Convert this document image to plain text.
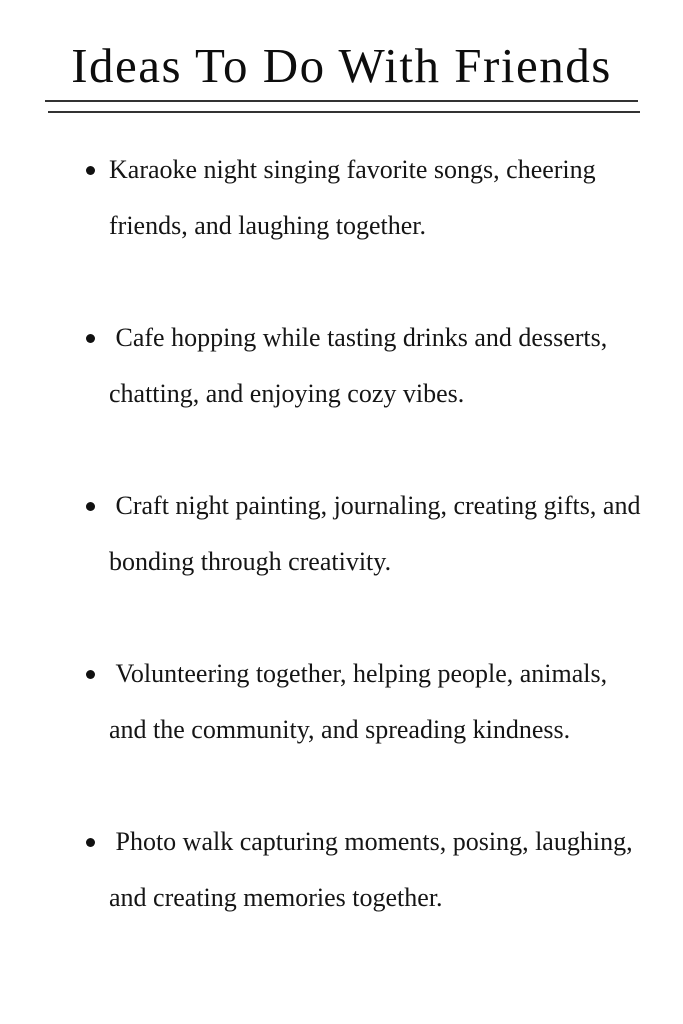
Ideas To Do With Friends
Karaoke night singing favorite songs, cheering friends, and laughing together.
Cafe hopping while tasting drinks and desserts, chatting, and enjoying cozy vibes.
Craft night painting, journaling, creating gifts, and bonding through creativity.
Volunteering together, helping people, animals, and the community, and spreading kindness.
Photo walk capturing moments, posing, laughing, and creating memories together.
